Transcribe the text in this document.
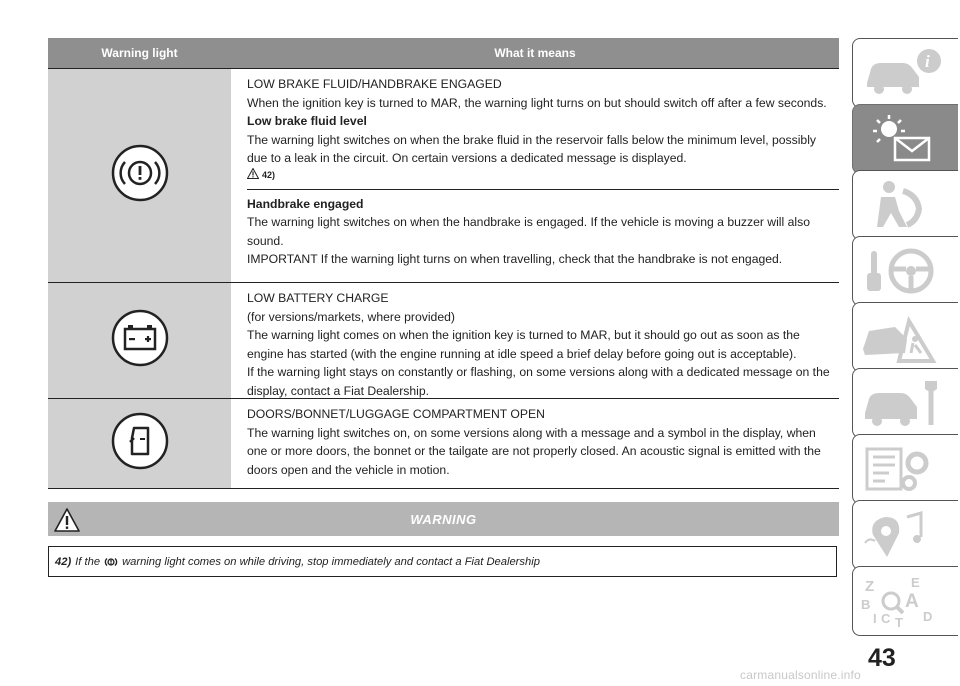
Warning light	What it means
LOW BRAKE FLUID/HANDBRAKE ENGAGED
When the ignition key is turned to MAR, the warning light turns on but should switch off after a few seconds.
Low brake fluid level
The warning light switches on when the brake fluid in the reservoir falls below the minimum level, possibly due to a leak in the circuit. On certain versions a dedicated message is displayed.
42)
Handbrake engaged
The warning light switches on when the handbrake is engaged. If the vehicle is moving a buzzer will also sound.
IMPORTANT If the warning light turns on when travelling, check that the handbrake is not engaged.
LOW BATTERY CHARGE
(for versions/markets, where provided)
The warning light comes on when the ignition key is turned to MAR, but it should go out as soon as the engine has started (with the engine running at idle speed a brief delay before going out is acceptable).
If the warning light stays on constantly or flashing, on some versions along with a dedicated message on the display, contact a Fiat Dealership.
DOORS/BONNET/LUGGAGE COMPARTMENT OPEN
The warning light switches on, on some versions along with a message and a symbol in the display, when one or more doors, the bonnet or the tailgate are not properly closed. An acoustic signal is emitted with the doors open and the vehicle in motion.
WARNING
42) If the warning light comes on while driving, stop immediately and contact a Fiat Dealership
i
Z	E
B A
I C T D
43
carmanualsonline.info
